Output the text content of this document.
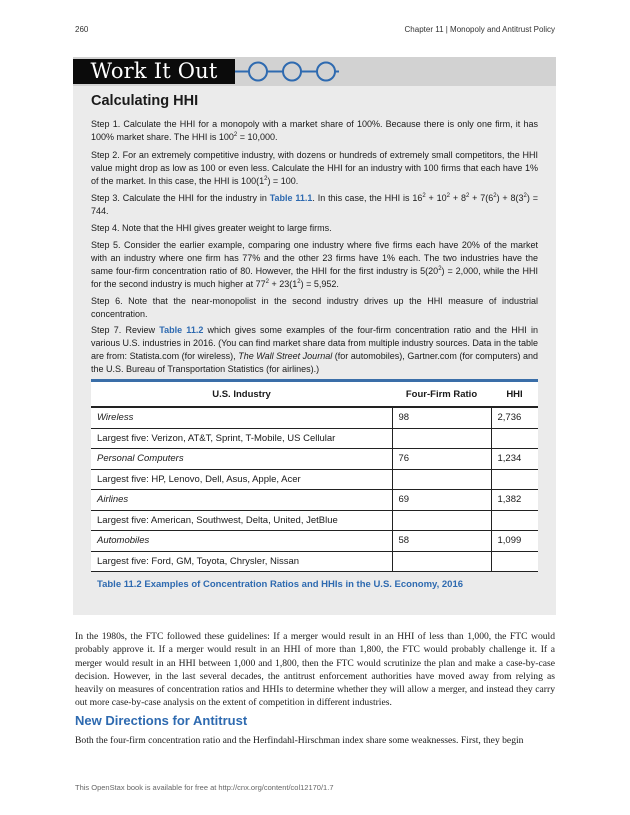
260	Chapter 11 | Monopoly and Antitrust Policy
Work It Out
Calculating HHI

Step 1. Calculate the HHI for a monopoly with a market share of 100%. Because there is only one firm, it has 100% market share. The HHI is $100^2 = 10,000$.

Step 2. For an extremely competitive industry, with dozens or hundreds of extremely small competitors, the HHI value might drop as low as 100 or even less. Calculate the HHI for an industry with 100 firms that each have 1% of the market. In this case, the HHI is $100(1^2) = 100$.

Step 3. Calculate the HHI for the industry in Table 11.1. In this case, the HHI is $16^2 + 10^2 + 8^2 + 7(6^2) + 8(3^2) = 744$.

Step 4. Note that the HHI gives greater weight to large firms.

Step 5. Consider the earlier example, comparing one industry where five firms each have 20% of the market with an industry where one firm has 77% and the other 23 firms have 1% each. The two industries have the same four-firm concentration ratio of 80. However, the HHI for the first industry is $5(20^2) = 2,000$, while the HHI for the second industry is much higher at $77^2 + 23(1^2) = 5,952$.

Step 6. Note that the near-monopolist in the second industry drives up the HHI measure of industrial concentration.

Step 7. Review Table 11.2 which gives some examples of the four-firm concentration ratio and the HHI in various U.S. industries in 2016. (You can find market share data from multiple industry sources. Data in the table are from: Statista.com (for wireless), The Wall Street Journal (for automobiles), Gartner.com (for computers) and the U.S. Bureau of Transportation Statistics (for airlines).)

U.S. Industry	Four-Firm Ratio	HHI
Wireless	98	2,736
Largest five: Verizon, AT&T, Sprint, T-Mobile, US Cellular		
Personal Computers	76	1,234
Largest five: HP, Lenovo, Dell, Asus, Apple, Acer		
Airlines	69	1,382
Largest five: American, Southwest, Delta, United, JetBlue		
Automobiles	58	1,099
Largest five: Ford, GM, Toyota, Chrysler, Nissan		

Table 11.2 Examples of Concentration Ratios and HHIs in the U.S. Economy, 2016

In the 1980s, the FTC followed these guidelines: If a merger would result in an HHI of less than 1,000, the FTC would probably approve it. If a merger would result in an HHI of more than 1,800, the FTC would probably challenge it. If a merger would result in an HHI between 1,000 and 1,800, then the FTC would scrutinize the plan and make a case-by-case decision. However, in the last several decades, the antitrust enforcement authorities have moved away from relying as heavily on measures of concentration ratios and HHIs to determine whether they will allow a merger, and instead they carry out more case-by-case analysis on the extent of competition in different industries.

New Directions for Antitrust

Both the four-firm concentration ratio and the Herfindahl-Hirschman index share some weaknesses. First, they begin

This OpenStax book is available for free at http://cnx.org/content/col12170/1.7
